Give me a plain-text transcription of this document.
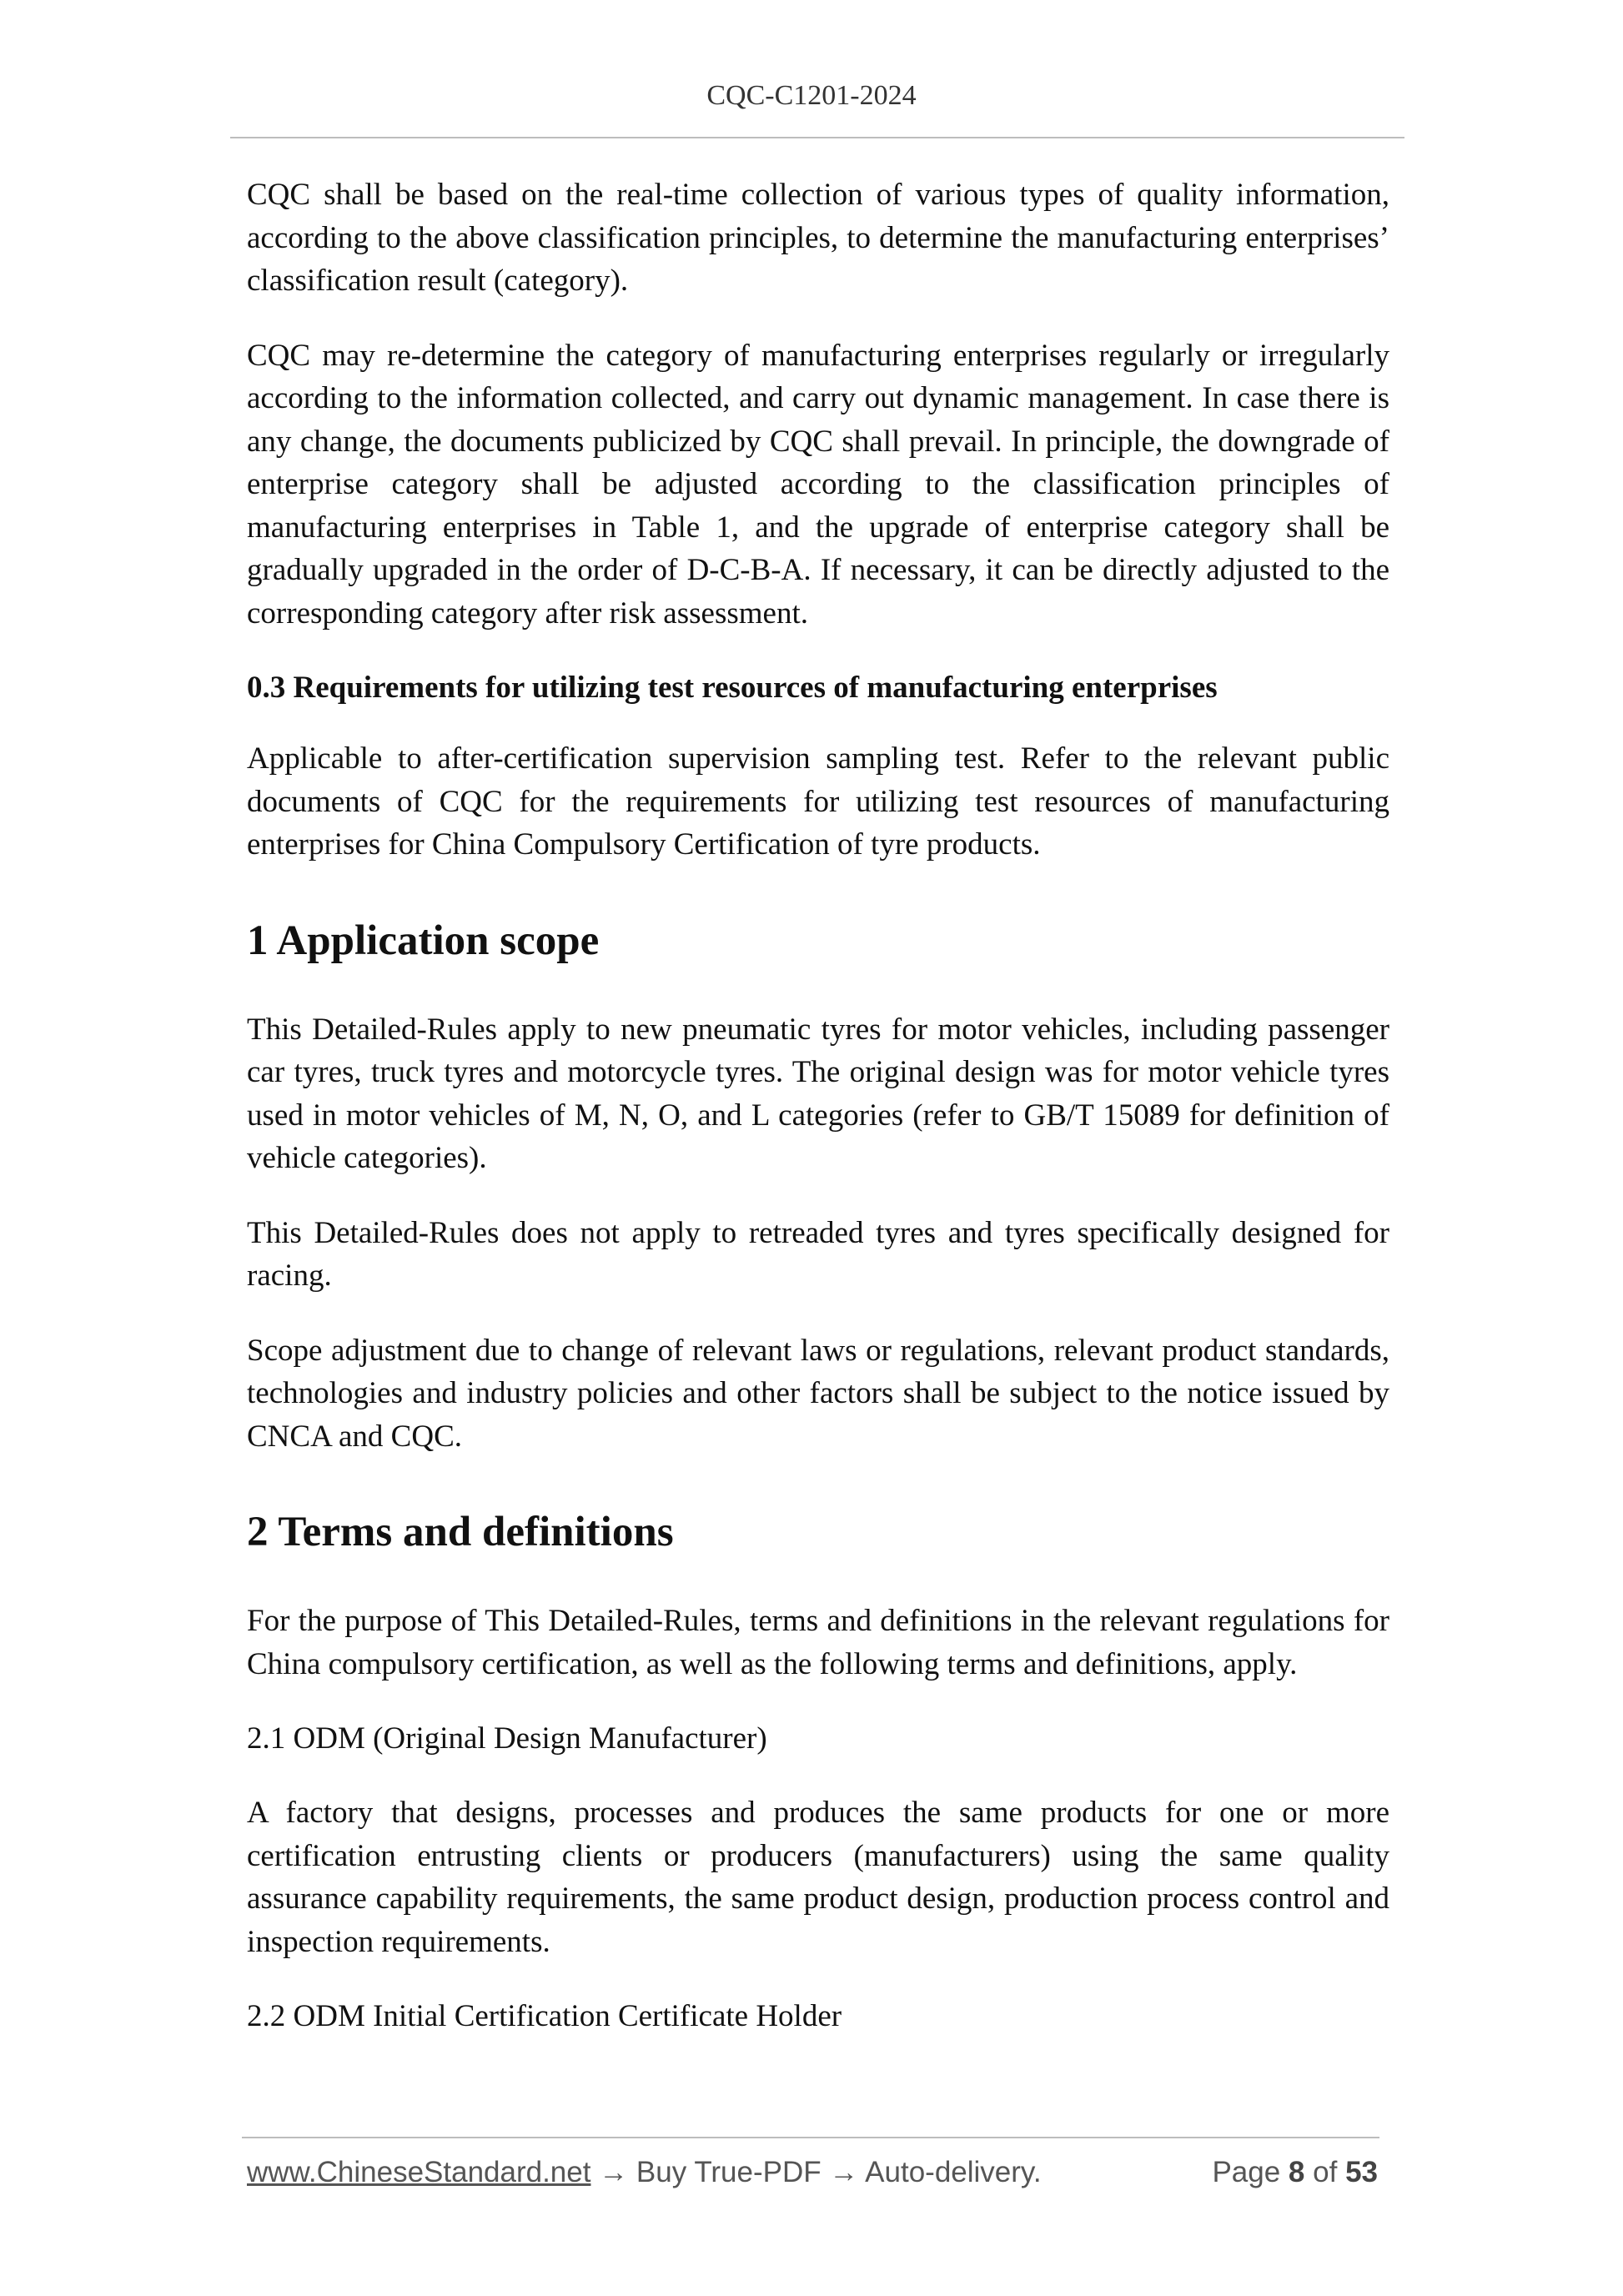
CQC-C1201-2024

CQC shall be based on the real-time collection of various types of quality information, according to the above classification principles, to determine the manufacturing enterprises’ classification result (category).

CQC may re-determine the category of manufacturing enterprises regularly or irregularly according to the information collected, and carry out dynamic management. In case there is any change, the documents publicized by CQC shall prevail. In principle, the downgrade of enterprise category shall be adjusted according to the classification principles of manufacturing enterprises in Table 1, and the upgrade of enterprise category shall be gradually upgraded in the order of D-C-B-A. If necessary, it can be directly adjusted to the corresponding category after risk assessment.

0.3 Requirements for utilizing test resources of manufacturing enterprises

Applicable to after-certification supervision sampling test. Refer to the relevant public documents of CQC for the requirements for utilizing test resources of manufacturing enterprises for China Compulsory Certification of tyre products.

1 Application scope

This Detailed-Rules apply to new pneumatic tyres for motor vehicles, including passenger car tyres, truck tyres and motorcycle tyres. The original design was for motor vehicle tyres used in motor vehicles of M, N, O, and L categories (refer to GB/T 15089 for definition of vehicle categories).

This Detailed-Rules does not apply to retreaded tyres and tyres specifically designed for racing.

Scope adjustment due to change of relevant laws or regulations, relevant product standards, technologies and industry policies and other factors shall be subject to the notice issued by CNCA and CQC.

2 Terms and definitions

For the purpose of This Detailed-Rules, terms and definitions in the relevant regulations for China compulsory certification, as well as the following terms and definitions, apply.

2.1 ODM (Original Design Manufacturer)

A factory that designs, processes and produces the same products for one or more certification entrusting clients or producers (manufacturers) using the same quality assurance capability requirements, the same product design, production process control and inspection requirements.

2.2 ODM Initial Certification Certificate Holder

www.ChineseStandard.net → Buy True-PDF → Auto-delivery.	Page 8 of 53
